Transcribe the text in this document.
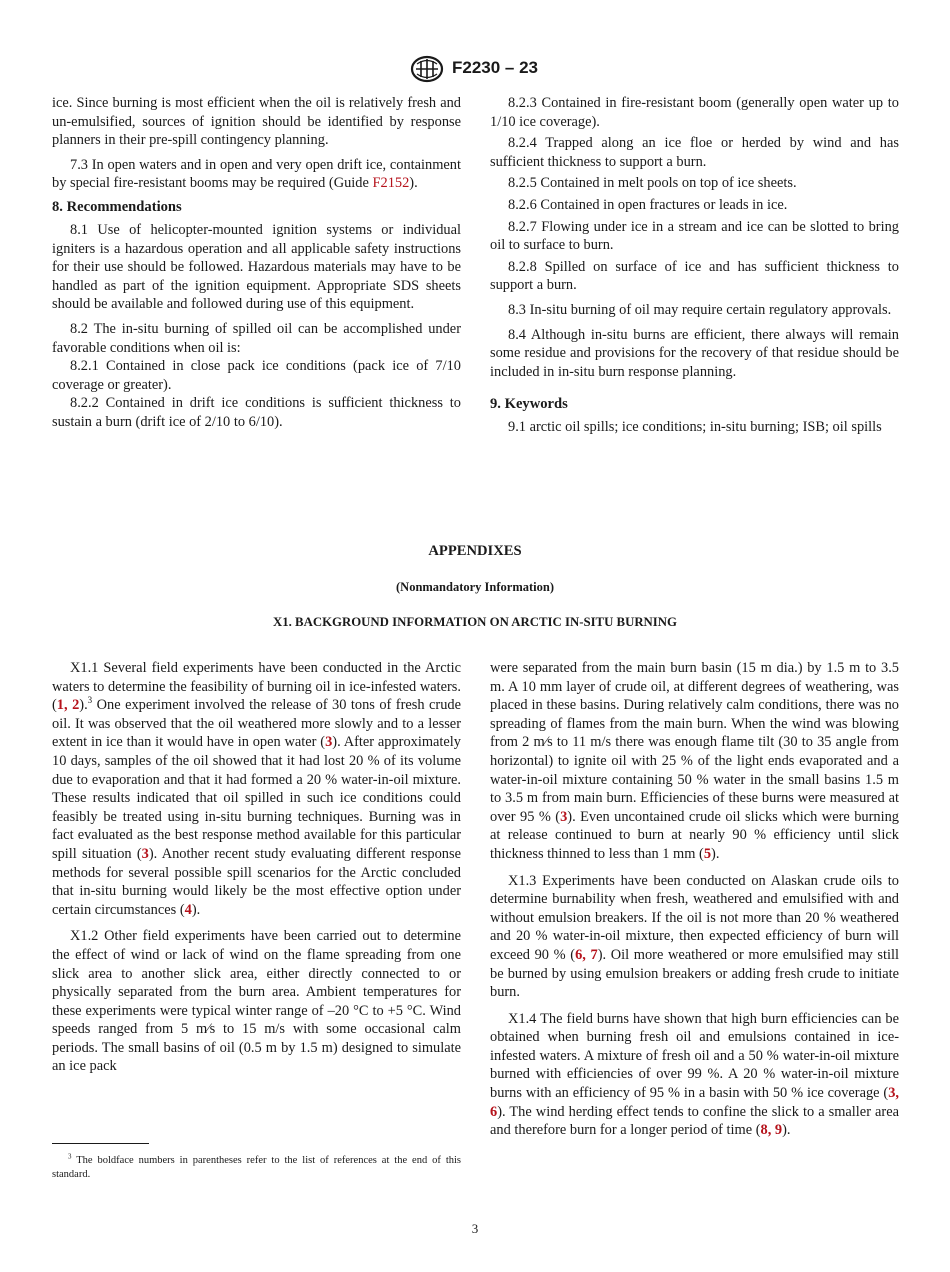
F2230 – 23

ice. Since burning is most efficient when the oil is relatively fresh and un-emulsified, sources of ignition should be identified by response planners in their pre-spill contingency planning.

7.3 In open waters and in open and very open drift ice, containment by special fire-resistant booms may be required (Guide F2152).

8. Recommendations

8.1 Use of helicopter-mounted ignition systems or individual igniters is a hazardous operation and all applicable safety instructions for their use should be followed. Hazardous materials may have to be handled as part of the ignition equipment. Appropriate SDS sheets should be available and followed during use of this equipment.

8.2 The in-situ burning of spilled oil can be accomplished under favorable conditions when oil is:

8.2.1 Contained in close pack ice conditions (pack ice of 7/10 coverage or greater).

8.2.2 Contained in drift ice conditions is sufficient thickness to sustain a burn (drift ice of 2/10 to 6/10).

8.2.3 Contained in fire-resistant boom (generally open water up to 1/10 ice coverage).

8.2.4 Trapped along an ice floe or herded by wind and has sufficient thickness to support a burn.

8.2.5 Contained in melt pools on top of ice sheets.

8.2.6 Contained in open fractures or leads in ice.

8.2.7 Flowing under ice in a stream and ice can be slotted to bring oil to surface to burn.

8.2.8 Spilled on surface of ice and has sufficient thickness to support a burn.

8.3 In-situ burning of oil may require certain regulatory approvals.

8.4 Although in-situ burns are efficient, there always will remain some residue and provisions for the recovery of that residue should be included in in-situ burn response planning.

9. Keywords

9.1 arctic oil spills; ice conditions; in-situ burning; ISB; oil spills

APPENDIXES
(Nonmandatory Information)
X1. BACKGROUND INFORMATION ON ARCTIC IN-SITU BURNING

X1.1 Several field experiments have been conducted in the Arctic waters to determine the feasibility of burning oil in ice-infested waters. (1, 2).$^3$ One experiment involved the release of 30 tons of fresh crude oil. It was observed that the oil weathered more slowly and to a lesser extent in ice than it would have in open water (3). After approximately 10 days, samples of the oil showed that it had lost 20 % of its volume due to evaporation and that it had formed a 20 % water-in-oil mixture. These results indicated that oil spilled in such ice conditions could feasibly be treated using in-situ burning techniques. Burning was in fact evaluated as the best response method available for this particular spill situation (3). Another recent study evaluating different response methods for several possible spill scenarios for the Arctic concluded that in-situ burning would likely be the most effective option under certain circumstances (4).

X1.2 Other field experiments have been carried out to determine the effect of wind or lack of wind on the flame spreading from one slick area to another slick area, either directly connected to or physically separated from the burn area. Ambient temperatures for these experiments were typical winter range of –20 °C to +5 °C. Wind speeds ranged from 5 m⁄s to 15 m/s with some occasional calm periods. The small basins of oil (0.5 m by 1.5 m) designed to simulate an ice pack

$^3$ The boldface numbers in parentheses refer to the list of references at the end of this standard.

were separated from the main burn basin (15 m dia.) by 1.5 m to 3.5 m. A 10 mm layer of crude oil, at different degrees of weathering, was placed in these basins. During relatively calm conditions, there was no spreading of flames from the main burn. When the wind was blowing from 2 m⁄s to 11 m/s there was enough flame tilt (30 to 35 angle from horizontal) to ignite oil with 25 % of the light ends evaporated and a water-in-oil mixture containing 50 % water in the small basins 1.5 m to 3.5 m from main burn. Efficiencies of these burns were measured at over 95 % (3). Even uncontained crude oil slicks which were burning at release continued to burn at nearly 90 % efficiency until slick thickness thinned to less than 1 mm (5).

X1.3 Experiments have been conducted on Alaskan crude oils to determine burnability when fresh, weathered and emulsified with and without emulsion breakers. If the oil is not more than 20 % weathered and 20 % water-in-oil mixture, then expected efficiency of burn will exceed 90 % (6, 7). Oil more weathered or more emulsified may still be burned by using emulsion breakers or adding fresh crude to initiate burn.

X1.4 The field burns have shown that high burn efficiencies can be obtained when burning fresh oil and emulsions contained in ice-infested waters. A mixture of fresh oil and a 50 % water-in-oil mixture burned with efficiencies of over 99 %. A 20 % water-in-oil mixture burns with an efficiency of 95 % in a basin with 50 % ice coverage (3, 6). The wind herding effect tends to confine the slick to a smaller area and therefore burn for a longer period of time (8, 9).

3
